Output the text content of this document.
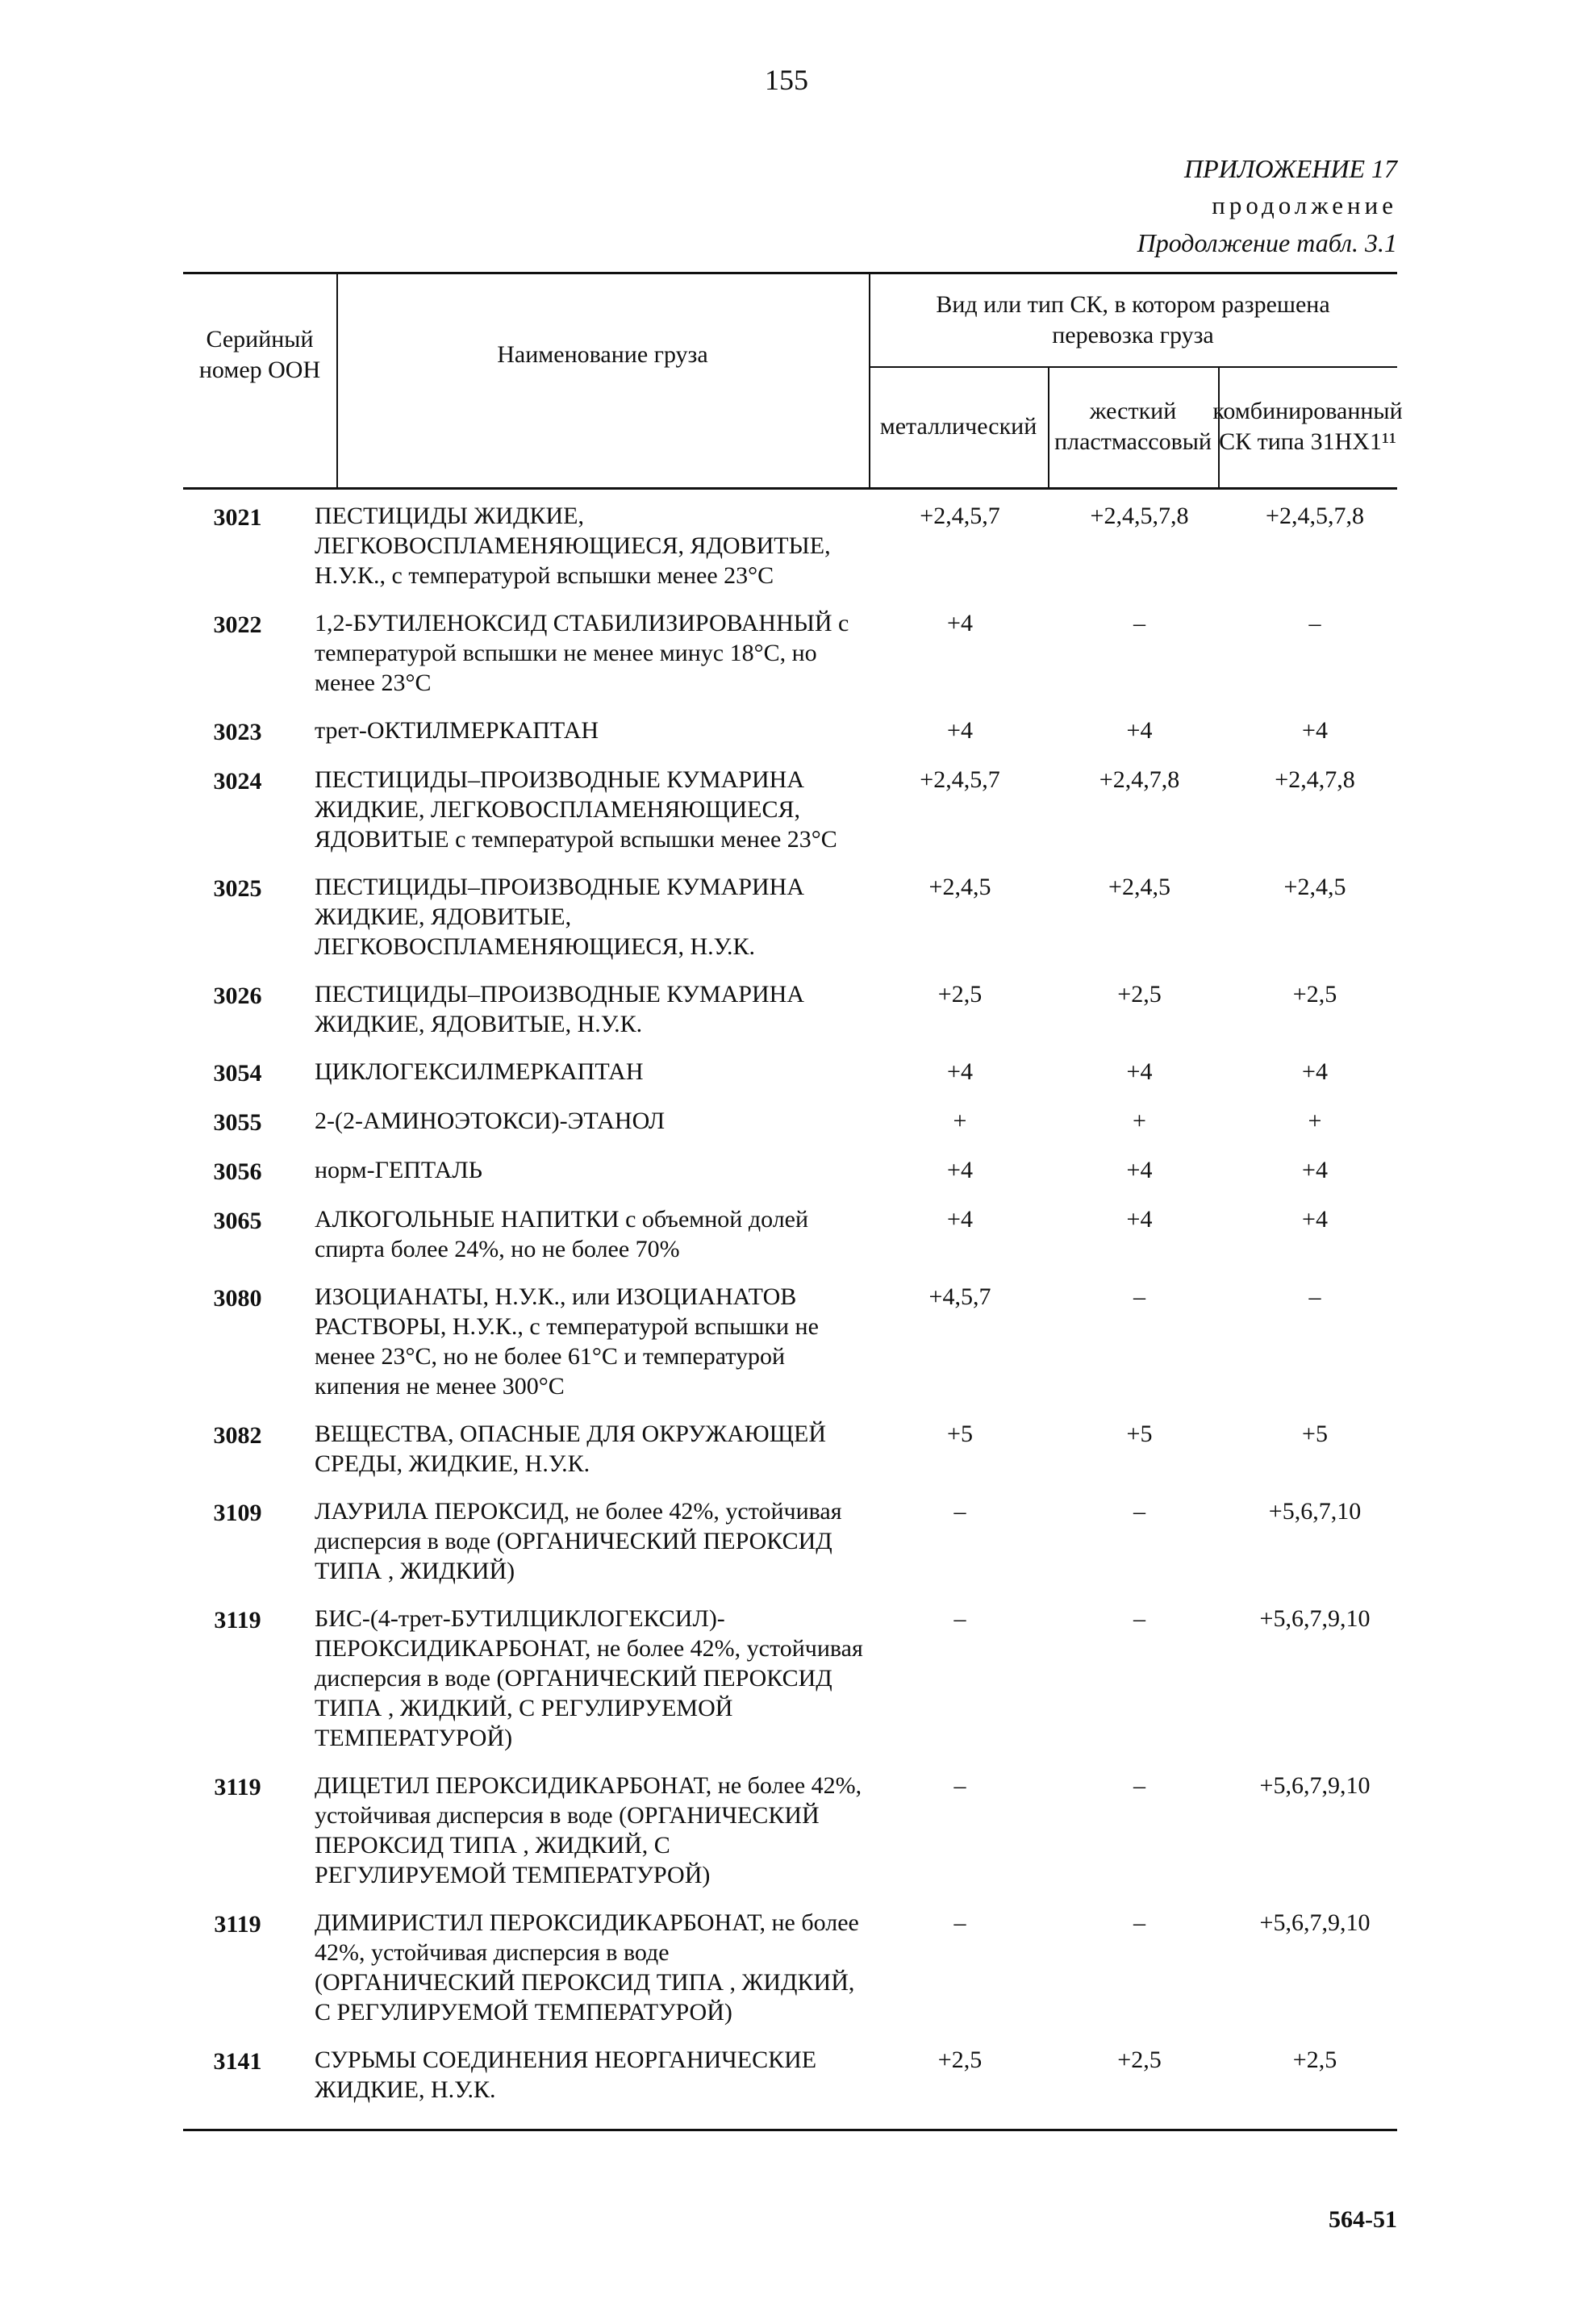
155
ПРИЛОЖЕНИЕ 17
продолжение
Продолжение табл. 3.1
Серийный номер ООН
Наименование груза
Вид или тип СК, в котором разрешена перевозка груза
металлический
жесткий пластмассовый
комбинированный СК типа 31НХ1¹¹
3021	ПЕСТИЦИДЫ ЖИДКИЕ, ЛЕГКОВОСПЛАМЕНЯЮЩИЕСЯ, ЯДОВИТЫЕ, Н.У.К., с температурой вспышки менее 23°С
+2,4,5,7	+2,4,5,7,8	+2,4,5,7,8
3022	1,2-БУТИЛЕНОКСИД СТАБИЛИЗИРОВАННЫЙ с температурой вспышки не менее минус 18°С, но менее 23°С
+4	–	–
3023	трет-ОКТИЛМЕРКАПТАН	+4	+4	+4
3024	ПЕСТИЦИДЫ–ПРОИЗВОДНЫЕ КУМАРИНА ЖИДКИЕ, ЛЕГКОВОСПЛАМЕНЯЮЩИЕСЯ, ЯДОВИТЫЕ с температурой вспышки менее 23°С
+2,4,5,7	+2,4,7,8	+2,4,7,8
3025	ПЕСТИЦИДЫ–ПРОИЗВОДНЫЕ КУМАРИНА ЖИДКИЕ, ЯДОВИТЫЕ, ЛЕГКОВОСПЛАМЕНЯЮЩИЕСЯ, Н.У.К.
+2,4,5	+2,4,5	+2,4,5
3026	ПЕСТИЦИДЫ–ПРОИЗВОДНЫЕ КУМАРИНА ЖИДКИЕ, ЯДОВИТЫЕ, Н.У.К.
+2,5	+2,5	+2,5
3054	ЦИКЛОГЕКСИЛМЕРКАПТАН	+4	+4	+4
3055	2-(2-АМИНОЭТОКСИ)-ЭТАНОЛ	+	+	+
3056	норм-ГЕПТАЛЬ	+4	+4	+4
3065	АЛКОГОЛЬНЫЕ НАПИТКИ с объемной долей спирта более 24%, но не более 70%
+4	+4	+4
3080	ИЗОЦИАНАТЫ, Н.У.К., или ИЗОЦИАНАТОВ РАСТВОРЫ, Н.У.К., с температурой вспышки не менее 23°С, но не более 61°С и температурой кипения не менее 300°С
+4,5,7	–	–
3082	ВЕЩЕСТВА, ОПАСНЫЕ ДЛЯ ОКРУЖАЮЩЕЙ СРЕДЫ, ЖИДКИЕ, Н.У.К.
+5	+5	+5
3109	ЛАУРИЛА ПЕРОКСИД, не более 42%, устойчивая дисперсия в воде (ОРГАНИЧЕСКИЙ ПЕРОКСИД ТИПА , ЖИДКИЙ)
–	–	+5,6,7,10
3119	БИС-(4-трет-БУТИЛЦИКЛОГЕКСИЛ)-ПЕРОКСИДИКАРБОНАТ, не более 42%, устойчивая дисперсия в воде (ОРГАНИЧЕСКИЙ ПЕРОКСИД ТИПА , ЖИДКИЙ, С РЕГУЛИРУЕМОЙ ТЕМПЕРАТУРОЙ)
–	–	+5,6,7,9,10
3119	ДИЦЕТИЛ ПЕРОКСИДИКАРБОНАТ, не более 42%, устойчивая дисперсия в воде (ОРГАНИЧЕСКИЙ ПЕРОКСИД ТИПА , ЖИДКИЙ, С РЕГУЛИРУЕМОЙ ТЕМПЕРАТУРОЙ)
–	–	+5,6,7,9,10
3119	ДИМИРИСТИЛ ПЕРОКСИДИКАРБОНАТ, не более 42%, устойчивая дисперсия в воде (ОРГАНИЧЕСКИЙ ПЕРОКСИД ТИПА , ЖИДКИЙ, С РЕГУЛИРУЕМОЙ ТЕМПЕРАТУРОЙ)
–	–	+5,6,7,9,10
3141	СУРЬМЫ СОЕДИНЕНИЯ НЕОРГАНИЧЕСКИЕ ЖИДКИЕ, Н.У.К.
+2,5	+2,5	+2,5
564-51
